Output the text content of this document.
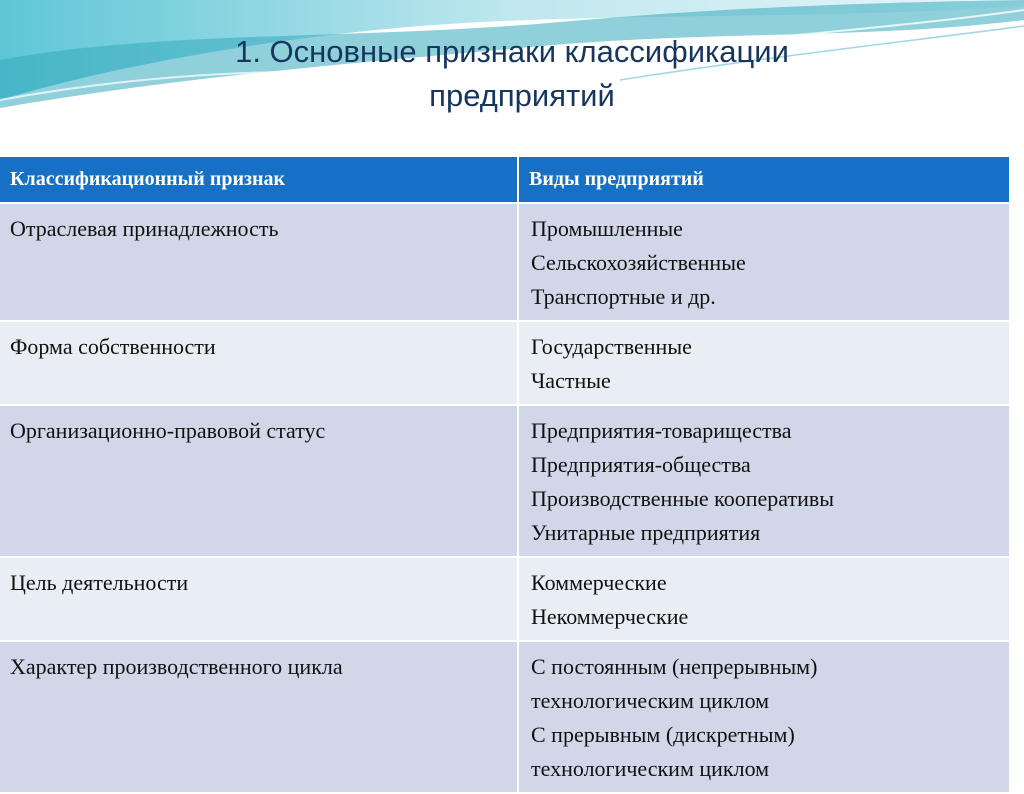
1. Основные признаки классификации
предприятий
Классификационный признак	Виды предприятий
Отраслевая принадлежность	Промышленные
Сельскохозяйственные
Транспортные и др.

Форма собственности	Государственные
Частные

Организационно-правовой статус	Предприятия-товарищества
Предприятия-общества
Производственные кооперативы
Унитарные предприятия

Цель деятельности	Коммерческие
Некоммерческие

Характер производственного цикла	С постоянным (непрерывным)
технологическим циклом
С прерывным (дискретным)
технологическим циклом
